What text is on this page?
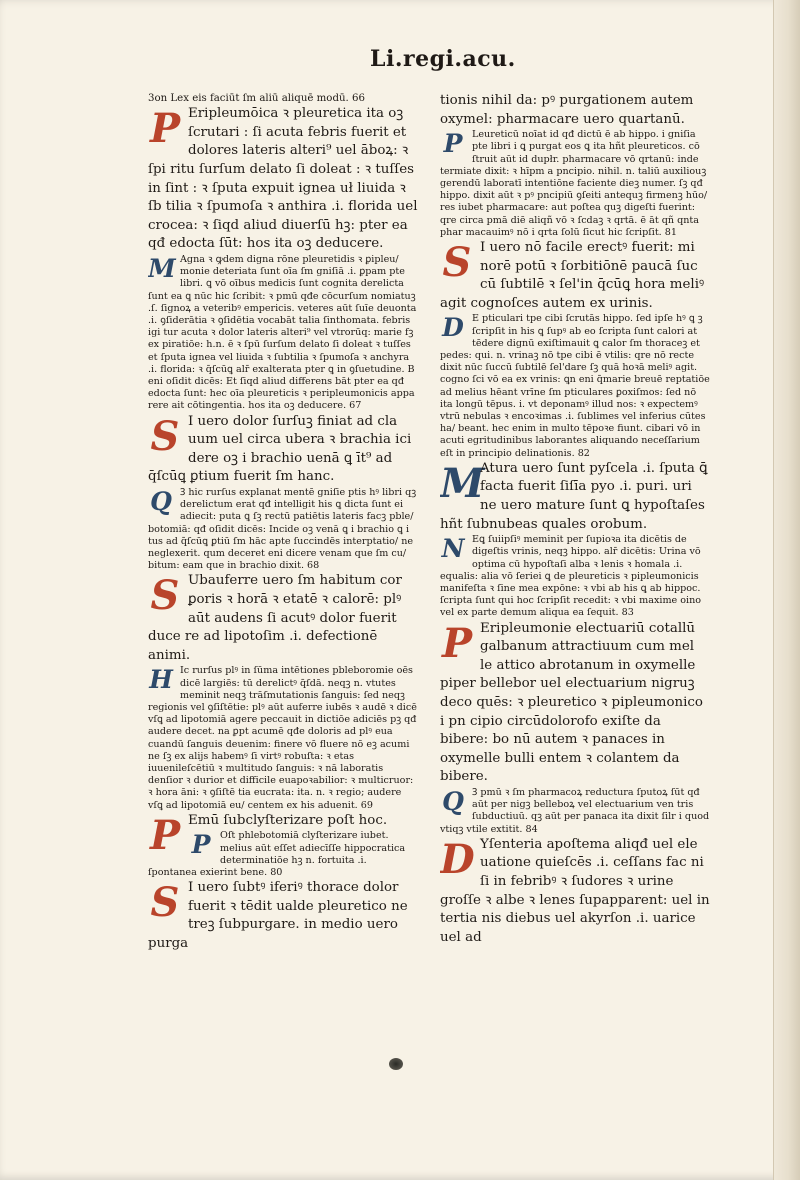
Li.regi.acu.

3on Lex eis faciūt ſm aliū aliquē modū. 66

P Eripleumōica ꝛ pleuretica ita oꝫ ſcrutari : ſi acuta febris fuerit et dolores lateris alteri⁹ uel āboꝝ: ꝛ ſpi ritu ſurſum delato ſi doleat : ꝛ tuſſes in ſint : ꝛ ſputa expuit ignea uł liuida ꝛ ſb tilia ꝛ ſpumoſa ꝛ anthira .i. florida uel crocea: ꝛ ſiqd aliud diuerſū hꝫ: pter ea qđ edocta ſūt: hos ita oꝫ deducere.

M Agna ꝛ ꝙdem digna rōne pleuretidis ꝛ ꝑipleu/ monie deteriata ſunt oīa ſm gniſiā .i. ꝑpam pte libri. ꝗ vō oībus medicis ſunt cognita derelicta ſunt ea ꝗ nūc hic ſcribit: ꝛ pmū qđe cōcurſum nomiatuꝫ .ſ. ſignoꝝ a veteribꝰ empericis. veteres aūt ſuīe deuonta .i. ꝯſiderātia ꝛ ꝯſidētia vocabāt talia ſinthomata. febris igi tur acuta ꝛ dolor lateris alteri⁹ vel vtrorūq: marie fꝫ ex piratiōe: h.n. ē ꝛ ſpū ſurſum delato ſi doleat ꝛ tuſſes et ſputa ignea vel liuida ꝛ ſubtilia ꝛ ſpumoſa ꝛ anchyra .i. florida: ꝛ q̄ſcūꝗ alr̄ exalterata pter ꝗ in ꝯſuetudine. B eni oſidit dicēs: Et ſiqd aliud differens bāt pter ea qđ edocta ſunt: hec oīa pleureticis ꝛ peripleumonicis appa rere ait cōtingentia. hos ita oꝫ deducere. 67

S I uero dolor ſurſuꝫ finiat ad cla uum uel circa ubera ꝛ brachia ici dere oꝫ i brachio uenā ꝗ īt⁹ ad q̄ſcūꝗ ꝑtium fuerit ſm hanc.

Q Ꝫ hic rurſus explanat mentē gniſie ptis hꝰ libri qꝫ derelictum erat qđ intelligit his ꝗ dicta ſunt ei adiecit: puta ꝗ ſꝫ rectū patiētis lateris facꝫ pble/ botomiā: qđ oſidit dicēs: Incide oꝫ venā ꝗ i brachio ꝗ i tus ad q̄ſcūꝗ ꝑtiū ſm hāc apte ſuccindēs interptatio/ ne neglexerit. qum deceret eni dicere venam que ſm cu/ bitum: eam que in brachio dixit. 68

S Ubauferre uero ſm habitum cor ꝑoris ꝛ horā ꝛ etatē ꝛ calorē: plꝰ aūt audens ſi acutꝰ dolor fuerit duce re ad lipotoſim .i. defectionē animi.

H Ic rurſus plꝰ in ſūma intētiones pbleboromie oēs dicē largiēs: tū derelictꝰ q̄ſdā. neqꝫ n. vtutes meminit neqꝫ trāſmutationis ſanguis: ſed neqꝫ regionis vel ꝯſiſtētie: plꝰ aūt auferre iubēs ꝛ audē ꝛ dicē vſꝗ ad lipotomiā agere peccauit in dictiōe adiciēs pꝫ qđ audere decet. na ꝑpt acumē qđe doloris ad plꝰ eua cuandū ſanguis deuenim: finere vō fluere nō eꝫ acumi ne ſꝫ ex alijs habemꝰ ſi virtꝰ robuſta: ꝛ etas iuuenileſcētiū ꝛ multitudo ſanguis: ꝛ nā laboratis denſior ꝛ durior et difficile euapoꝛabilior: ꝛ multicruor: ꝛ hora āni: ꝛ ꝯſiſtē tia eucrata: ita. n. ꝛ regio; audere vſꝗ ad lipotomiā eu/ centem ex his aduenit. 69

P Emū ſubclyſterizare poſt hoc.

P Oſt phlebotomiā clyſterizare iubet. melius aūt eſſet adiecīſſe hippocratica determinatiōe hꝫ n. fortuita .i. ſpontanea exierint bene. 80

S I uero ſubtꝰ iferiꝰ thorace dolor fuerit ꝛ tēdit ualde pleuretico ne treꝫ ſubpurgare. in medio uero purga

tionis nihil da: pꝰ purgationem autem oxymel: pharmacare uero quartanū.

P Leureticū noīat id qđ dictū ē ab hippo. i gniſia pte libri i ꝗ purgat eos ꝗ ita hñt pleureticos. cō ſtruit aūt id dupłr. pharmacare vō qrtanū: inde termiate dixit: ꝛ hīpm a pncipio. nihil. n. taliū auxiliouꝫ gerendū laboratī intentiōne faciente dieꝫ numer. ſꝫ qđ hippo. dixit aūt ꝛ pꝰ pncipiū ꝯſeiti antequꝫ firmenꝫ hūo/ res iubet pharmacare: aut poſtea quꝫ digeſti fuerint: qre circa pmā diē aliqñ vō ꝛ ſcdaꝫ ꝛ qrtā. ē āt qñ qnta phar macauimꝰ nō i qrta ſolū ſicut hic ſcripſit. 81

S I uero nō facile erectꝰ fuerit: mi norē potū ꝛ ſorbitiōnē paucā ſuc cū ſubtilē ꝛ ſel'in q̄cūꝗ hora meliꝰ agit cognoſces autem ex urinis.

D E pticulari tpe cibi ſcrutās hippo. ſed ipſe hꝰ ꝗ ꝫ ſcripſit in his ꝗ ſupꝰ ab eo ſcripta ſunt calori at tēdere dignū exiſtimauit ꝗ calor ſm thoraceꝫ et pedes: qui. n. vrinaꝫ nō tpe cibi ē vtilis: qre nō recte dixit nūc ſuccū ſubtilē ſel'dare ſꝫ quā hoꝛā meliꝰ agit. cogno ſci vō ea ex vrinis: ꝗn eni q̄marie breuē reptatiōe ad melius hēant vrīne ſm pticulares ꝑoxiſmos: ſed nō ita longū tēpus. i. vt deponamꝰ illud nos: ꝛ expectemꝰ vtrū nebulas ꝛ encoꝛimas .i. ſublimes vel inferius cūtes ha/ beant. hec enim in multo tēpoꝛe fiunt. cibari vō in acuti egritudinibus laborantes aliquando neceſſarium eſt in principio delinationis. 82

M
Atura uero ſunt pyſcela .i. ſputa ꝗ̄ facta fuerit ſiſīa pyo .i. puri. uri ne uero mature ſunt ꝗ hypoſtaſes hñt ſubnubeas quales orobum.

N Eꝗ ſuiipſiꝰ meminit per ſupioꝛa ita dicētis de digeſtis vrinis, neqꝫ hippo. alr̄ dicētis: Urina vō optima cū hypoſtaſi alba ꝛ lenis ꝛ homala .i. equalis: alia vō ſeriei ꝗ de pleureticis ꝛ pipleumonicis manifeſta ꝛ ſine mea expōne: ꝛ vbi ab his ꝗ ab hippoc. ſcripta ſunt qui hoc ſcripſit recedit: ꝛ vbi maxime oino vel ex parte demum aliqua ea ſequit. 83

P Eripleumonie electuariū cotallū galbanum attractiuum cum mel le attico abrotanum in oxymelle piper bellebor uel electuarium nigruꝫ deco quēs: ꝛ pleuretico ꝛ pipleumonico i pn cipio circūdolorofo exiſte da bibere: bo nū autem ꝛ panaces in oxymelle bulli entem ꝛ colantem da bibere.

Q Ꝫ pmū ꝛ ſm pharmacoꝝ reductura ſputoꝝ ſūt qđ aūt per nigꝫ belleboꝝ vel electuarium ven tris ſubductiuū. qꝫ aūt per panaca ita dixit ſilr i quod vtiqꝫ vtile extitit. 84

D Yſenteria apoſtema aliqđ uel ele uatione quieſcēs .i. ceſſans fac ni ſi in febribꝰ ꝛ ſudores ꝛ urine groſſe ꝛ albe ꝛ lenes ſupapparent: uel in tertia nis diebus uel akyrſon .i. uarice uel ad
